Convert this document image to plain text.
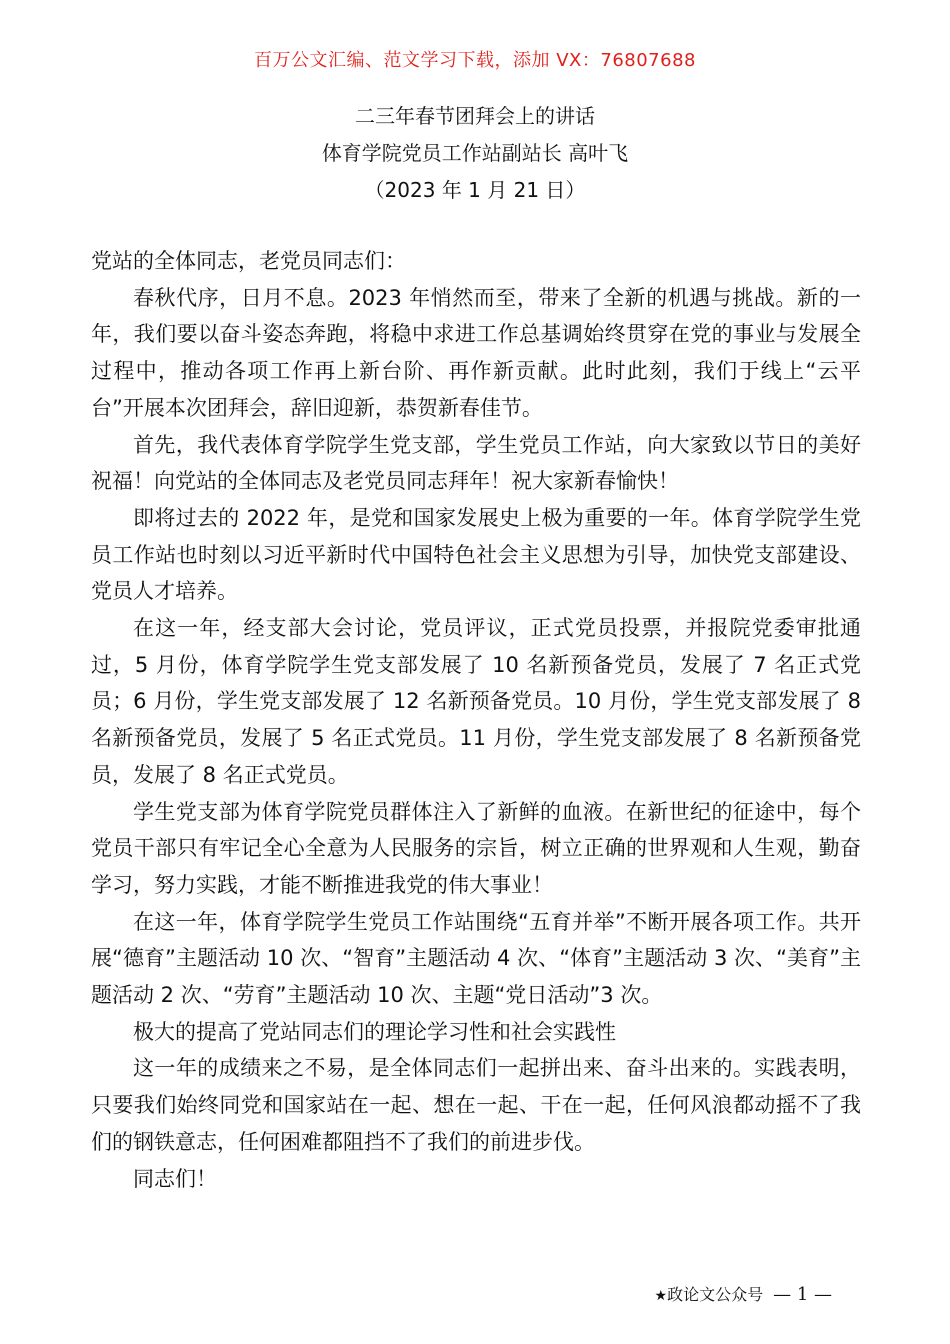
百万公文汇编、范文学习下载，添加 VX：76807688
二三年春节团拜会上的讲话
体育学院党员工作站副站长 高叶飞
（2023 年 1 月 21 日）

党站的全体同志，老党员同志们：

春秋代序，日月不息。2023 年悄然而至，带来了全新的机遇与挑战。新的一年，我们要以奋斗姿态奔跑，将稳中求进工作总基调始终贯穿在党的事业与发展全过程中，推动各项工作再上新台阶、再作新贡献。此时此刻，我们于线上“云平台”开展本次团拜会，辞旧迎新，恭贺新春佳节。

首先，我代表体育学院学生党支部，学生党员工作站，向大家致以节日的美好祝福！向党站的全体同志及老党员同志拜年！祝大家新春愉快！

即将过去的 2022 年，是党和国家发展史上极为重要的一年。体育学院学生党员工作站也时刻以习近平新时代中国特色社会主义思想为引导，加快党支部建设、党员人才培养。

在这一年，经支部大会讨论，党员评议，正式党员投票，并报院党委审批通过，5 月份，体育学院学生党支部发展了 10 名新预备党员，发展了 7 名正式党员；6 月份，学生党支部发展了 12 名新预备党员。10 月份，学生党支部发展了 8 名新预备党员，发展了 5 名正式党员。11 月份，学生党支部发展了 8 名新预备党员，发展了 8 名正式党员。

学生党支部为体育学院党员群体注入了新鲜的血液。在新世纪的征途中，每个党员干部只有牢记全心全意为人民服务的宗旨，树立正确的世界观和人生观，勤奋学习，努力实践，才能不断推进我党的伟大事业！

在这一年，体育学院学生党员工作站围绕“五育并举”不断开展各项工作。共开展“德育”主题活动 10 次、“智育”主题活动 4 次、“体育”主题活动 3 次、“美育”主题活动 2 次、“劳育”主题活动 10 次、主题“党日活动”3 次。

极大的提高了党站同志们的理论学习性和社会实践性

这一年的成绩来之不易，是全体同志们一起拼出来、奋斗出来的。实践表明，只要我们始终同党和国家站在一起、想在一起、干在一起，任何风浪都动摇不了我们的钢铁意志，任何困难都阻挡不了我们的前进步伐。

同志们！

★政论文公众号 — 1 —
